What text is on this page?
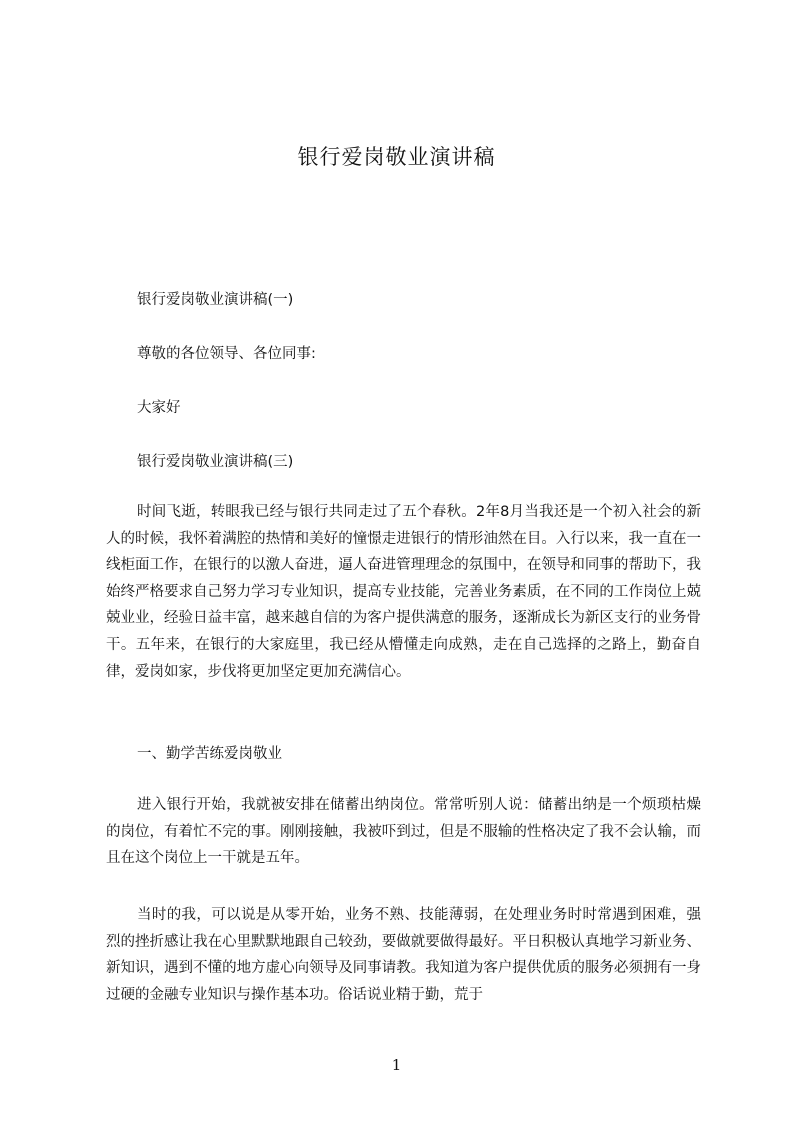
银行爱岗敬业演讲稿
银行爱岗敬业演讲稿(一)
尊敬的各位领导、各位同事:
大家好
银行爱岗敬业演讲稿(三)
时间飞逝，转眼我已经与银行共同走过了五个春秋。2年8月当我还是一个初入社会的新人的时候，我怀着满腔的热情和美好的憧憬走进银行的情形油然在目。入行以来，我一直在一线柜面工作，在银行的以激人奋进，逼人奋进管理理念的氛围中，在领导和同事的帮助下，我始终严格要求自己努力学习专业知识，提高专业技能，完善业务素质，在不同的工作岗位上兢兢业业，经验日益丰富，越来越自信的为客户提供满意的服务，逐渐成长为新区支行的业务骨干。五年来，在银行的大家庭里，我已经从懵懂走向成熟，走在自己选择的之路上，勤奋自律，爱岗如家，步伐将更加坚定更加充满信心。
一、勤学苦练爱岗敬业
进入银行开始，我就被安排在储蓄出纳岗位。常常听别人说：储蓄出纳是一个烦琐枯燥的岗位，有着忙不完的事。刚刚接触，我被吓到过，但是不服输的性格决定了我不会认输，而且在这个岗位上一干就是五年。
当时的我，可以说是从零开始，业务不熟、技能薄弱，在处理业务时时常遇到困难，强烈的挫折感让我在心里默默地跟自己较劲，要做就要做得最好。平日积极认真地学习新业务、新知识，遇到不懂的地方虚心向领导及同事请教。我知道为客户提供优质的服务必须拥有一身过硬的金融专业知识与操作基本功。俗话说业精于勤，荒于
1
